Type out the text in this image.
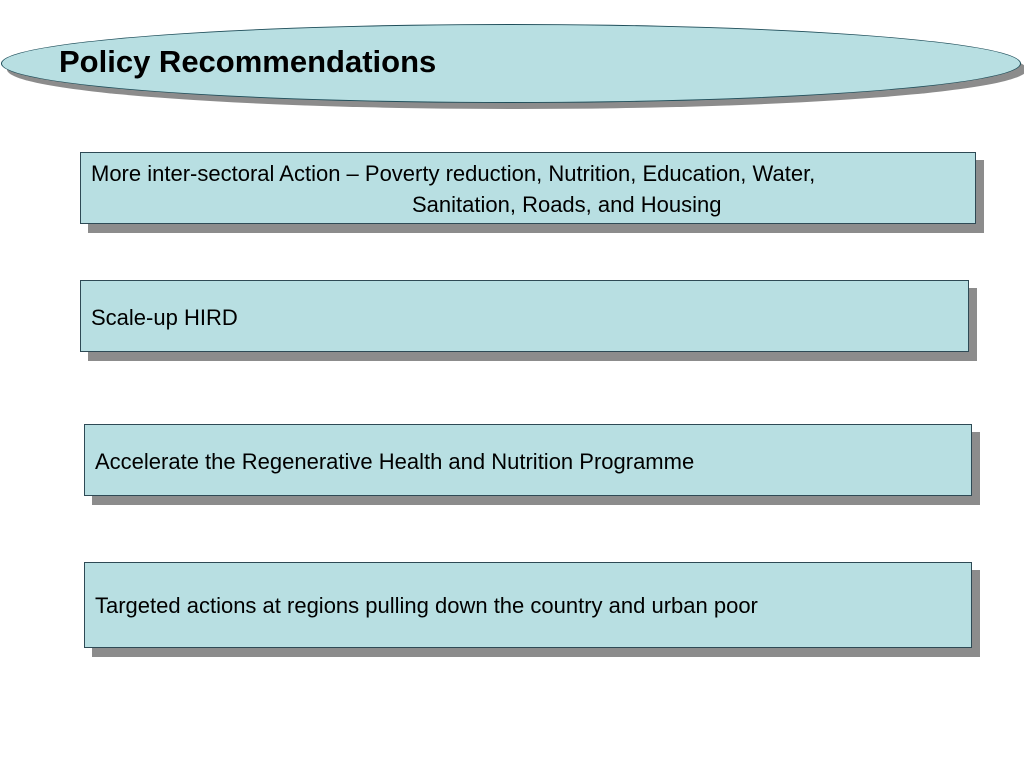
Policy Recommendations
More inter-sectoral Action – Poverty reduction, Nutrition, Education, Water,
Sanitation, Roads, and Housing
Scale-up HIRD
Accelerate the Regenerative Health and Nutrition Programme
Targeted actions at regions pulling down the country and urban poor
